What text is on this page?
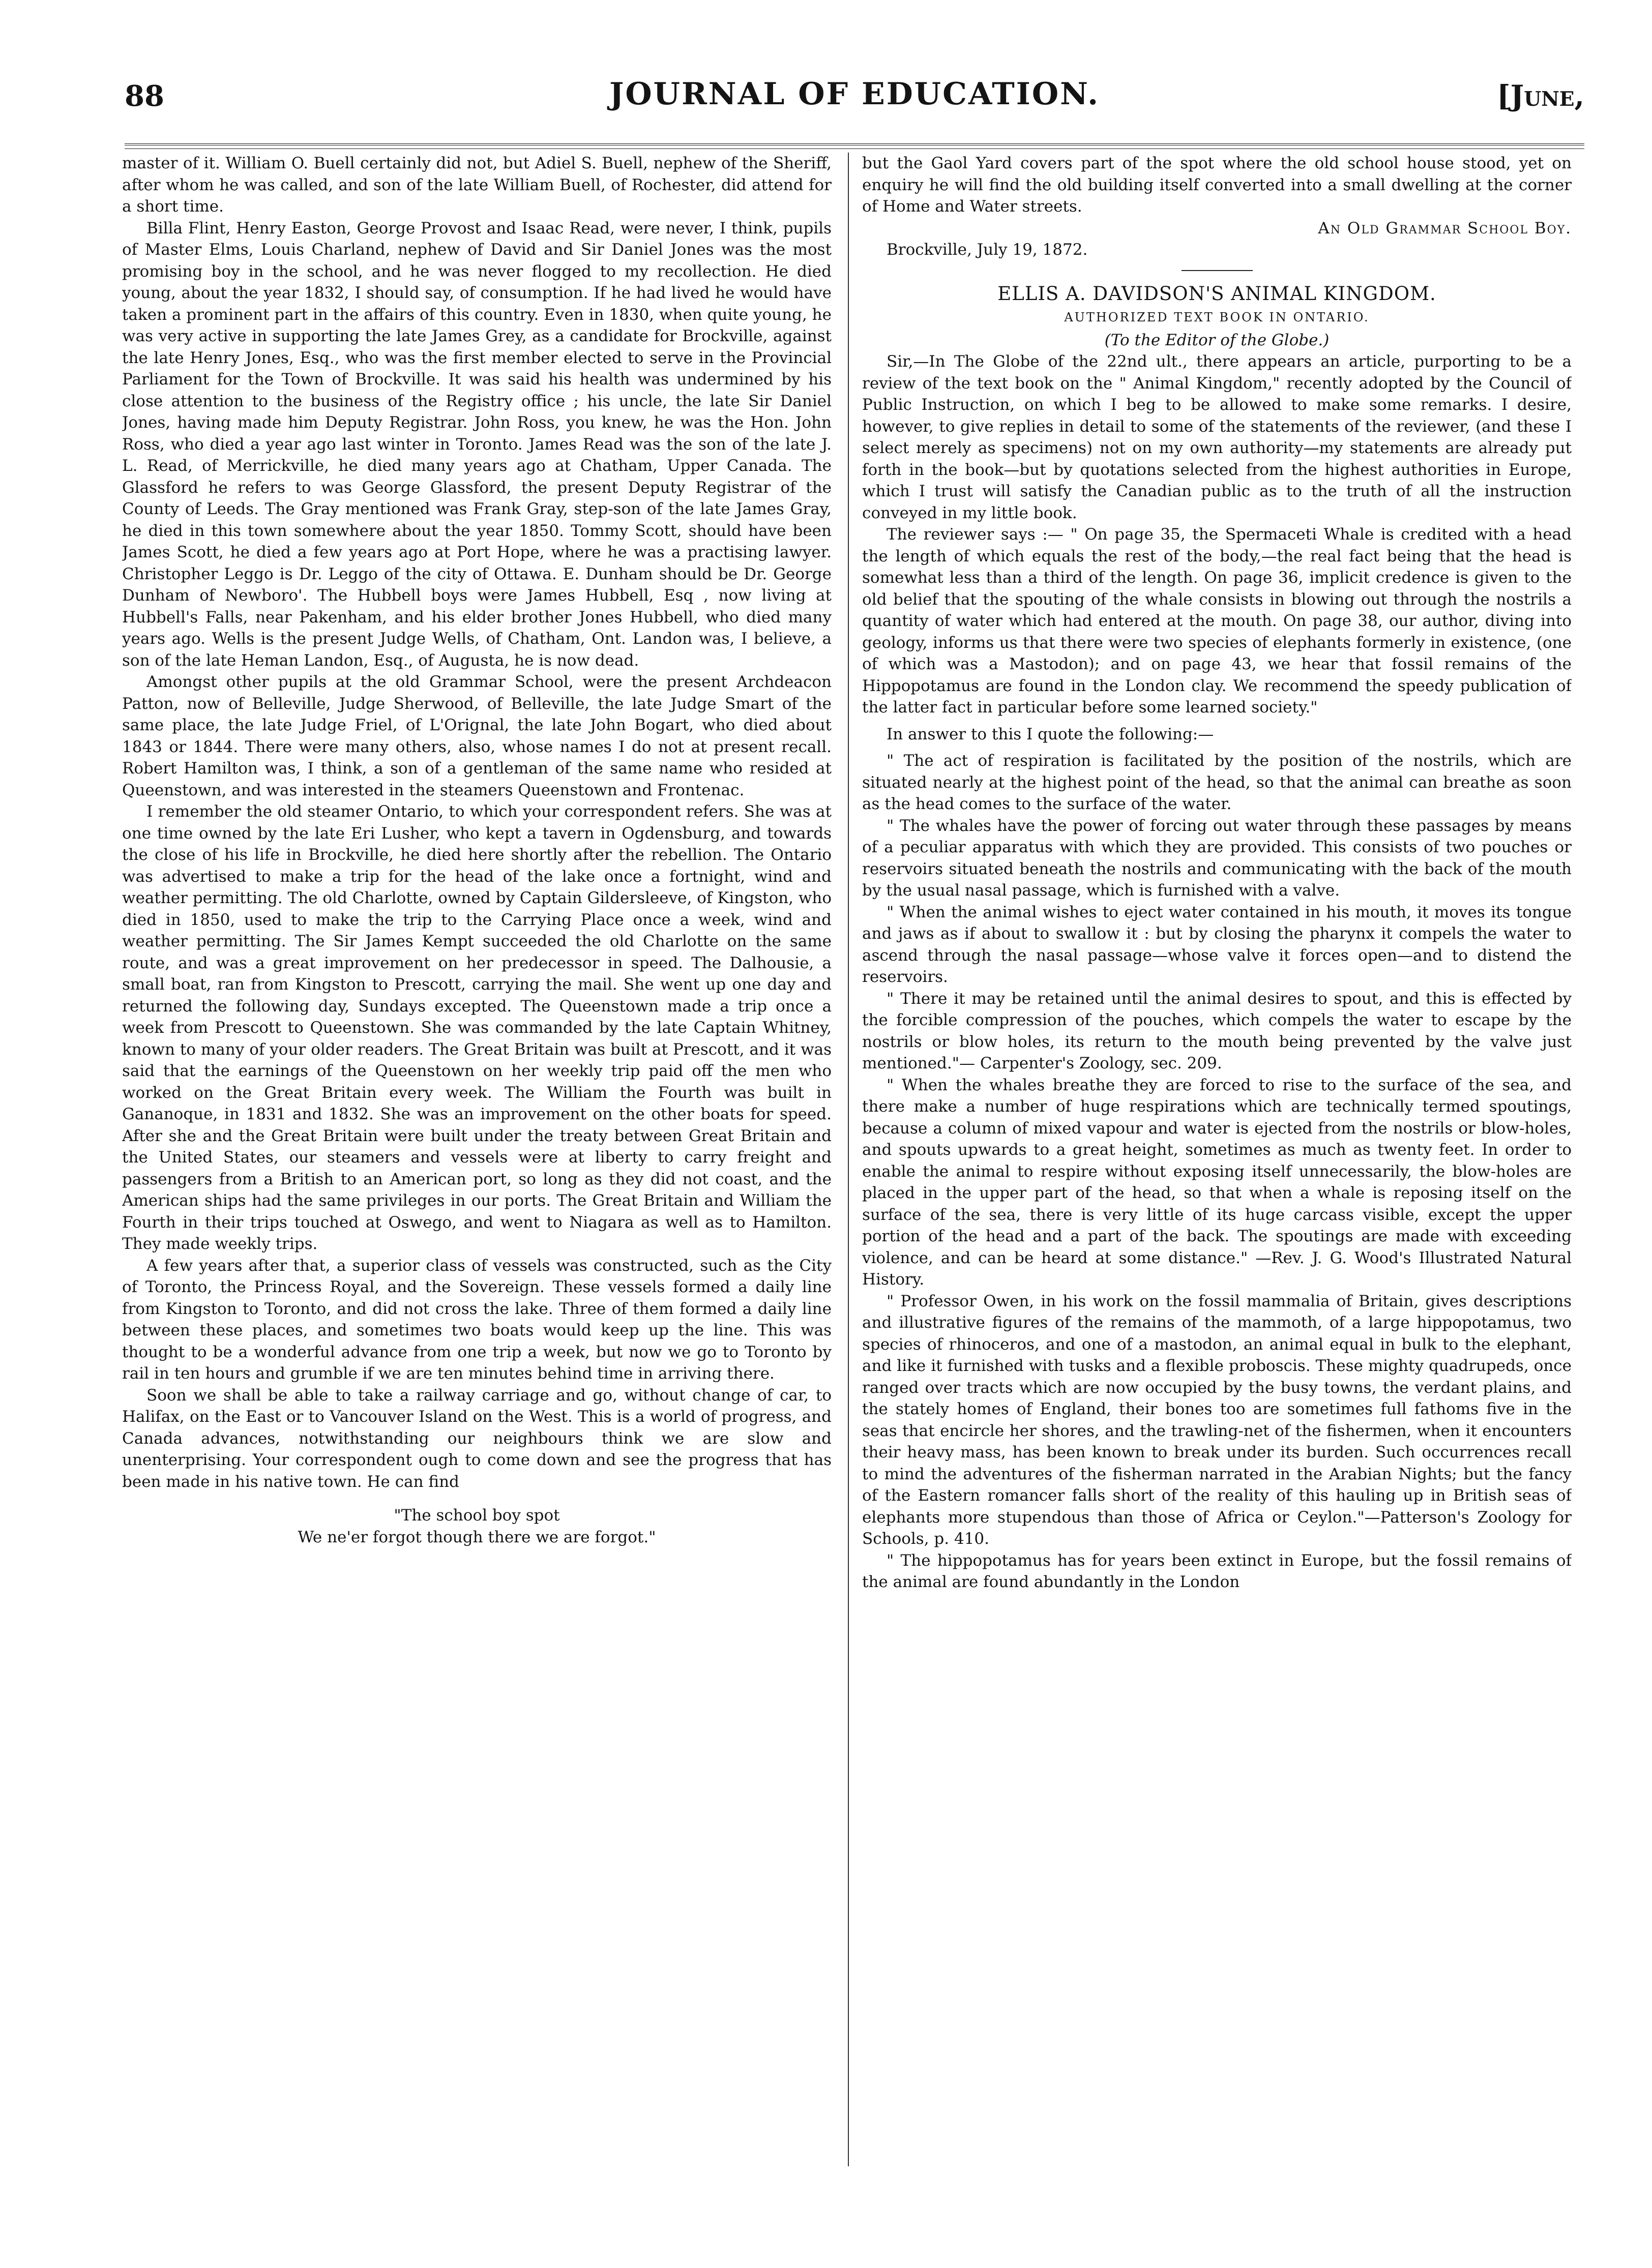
88	JOURNAL OF EDUCATION.	[June,

master of it. William O. Buell certainly did not, but Adiel S. Buell, nephew of the Sheriff, after whom he was called, and son of the late William Buell, of Rochester, did attend for a short time.

Billa Flint, Henry Easton, George Provost and Isaac Read, were never, I think, pupils of Master Elms, Louis Charland, nephew of David and Sir Daniel Jones was the most promising boy in the school, and he was never flogged to my recollection. He died young, about the year 1832, I should say, of consumption. If he had lived he would have taken a prominent part in the affairs of this country. Even in 1830, when quite young, he was very active in supporting the late James Grey, as a candidate for Brockville, against the late Henry Jones, Esq., who was the first member elected to serve in the Provincial Parliament for the Town of Brockville. It was said his health was undermined by his close attention to the business of the Registry office ; his uncle, the late Sir Daniel Jones, having made him Deputy Registrar. John Ross, you knew, he was the Hon. John Ross, who died a year ago last winter in Toronto. James Read was the son of the late J. L. Read, of Merrickville, he died many years ago at Chatham, Upper Canada. The Glassford he refers to was George Glassford, the present Deputy Registrar of the County of Leeds. The Gray mentioned was Frank Gray, step-son of the late James Gray, he died in this town somewhere about the year 1850. Tommy Scott, should have been James Scott, he died a few years ago at Port Hope, where he was a practising lawyer. Christopher Leggo is Dr. Leggo of the city of Ottawa. E. Dunham should be Dr. George Dunham of Newboro'. The Hubbell boys were James Hubbell, Esq , now living at Hubbell's Falls, near Pakenham, and his elder brother Jones Hubbell, who died many years ago. Wells is the present Judge Wells, of Chatham, Ont. Landon was, I believe, a son of the late Heman Landon, Esq., of Augusta, he is now dead.

Amongst other pupils at the old Grammar School, were the present Archdeacon Patton, now of Belleville, Judge Sherwood, of Belleville, the late Judge Smart of the same place, the late Judge Friel, of L'Orignal, the late John Bogart, who died about 1843 or 1844. There were many others, also, whose names I do not at present recall. Robert Hamilton was, I think, a son of a gentleman of the same name who resided at Queenstown, and was interested in the steamers Queenstown and Frontenac.

I remember the old steamer Ontario, to which your correspondent refers. She was at one time owned by the late Eri Lusher, who kept a tavern in Ogdensburg, and towards the close of his life in Brockville, he died here shortly after the rebellion. The Ontario was advertised to make a trip for the head of the lake once a fortnight, wind and weather permitting. The old Charlotte, owned by Captain Gildersleeve, of Kingston, who died in 1850, used to make the trip to the Carrying Place once a week, wind and weather permitting. The Sir James Kempt succeeded the old Charlotte on the same route, and was a great improvement on her predecessor in speed. The Dalhousie, a small boat, ran from Kingston to Prescott, carrying the mail. She went up one day and returned the following day, Sundays excepted. The Queenstown made a trip once a week from Prescott to Queenstown. She was commanded by the late Captain Whitney, known to many of your older readers. The Great Britain was built at Prescott, and it was said that the earnings of the Queenstown on her weekly trip paid off the men who worked on the Great Britain every week. The William the Fourth was built in Gananoque, in 1831 and 1832. She was an improvement on the other boats for speed. After she and the Great Britain were built under the treaty between Great Britain and the United States, our steamers and vessels were at liberty to carry freight and passengers from a British to an American port, so long as they did not coast, and the American ships had the same privileges in our ports. The Great Britain and William the Fourth in their trips touched at Oswego, and went to Niagara as well as to Hamilton. They made weekly trips.

A few years after that, a superior class of vessels was constructed, such as the City of Toronto, the Princess Royal, and the Sovereign. These vessels formed a daily line from Kingston to Toronto, and did not cross the lake. Three of them formed a daily line between these places, and sometimes two boats would keep up the line. This was thought to be a wonderful advance from one trip a week, but now we go to Toronto by rail in ten hours and grumble if we are ten minutes behind time in arriving there.

Soon we shall be able to take a railway carriage and go, without change of car, to Halifax, on the East or to Vancouver Island on the West. This is a world of progress, and Canada advances, notwithstanding our neighbours think we are slow and unenterprising. Your correspondent ough to come down and see the progress that has been made in his native town. He can find

"The school boy spot

We ne'er forgot though there we are forgot."

but the Gaol Yard covers part of the spot where the old school house stood, yet on enquiry he will find the old building itself converted into a small dwelling at the corner of Home and Water streets.

An Old Grammar School Boy.

Brockville, July 19, 1872.

ELLIS A. DAVIDSON'S ANIMAL KINGDOM.

AUTHORIZED TEXT BOOK IN ONTARIO.

(To the Editor of the Globe.)

Sir,—In The Globe of the 22nd ult., there appears an article, purporting to be a review of the text book on the " Animal Kingdom," recently adopted by the Council of Public Instruction, on which I beg to be allowed to make some remarks. I desire, however, to give replies in detail to some of the statements of the reviewer, (and these I select merely as specimens) not on my own authority—my statements are already put forth in the book—but by quotations selected from the highest authorities in Europe, which I trust will satisfy the Canadian public as to the truth of all the instruction conveyed in my little book.

The reviewer says :— " On page 35, the Spermaceti Whale is credited with a head the length of which equals the rest of the body,—the real fact being that the head is somewhat less than a third of the length. On page 36, implicit credence is given to the old belief that the spouting of the whale consists in blowing out through the nostrils a quantity of water which had entered at the mouth. On page 38, our author, diving into geology, informs us that there were two species of elephants formerly in existence, (one of which was a Mastodon); and on page 43, we hear that fossil remains of the Hippopotamus are found in the London clay. We recommend the speedy publication of the latter fact in particular before some learned society."

In answer to this I quote the following:—

" The act of respiration is facilitated by the position of the nostrils, which are situated nearly at the highest point of the head, so that the animal can breathe as soon as the head comes to the surface of the water.

" The whales have the power of forcing out water through these passages by means of a peculiar apparatus with which they are provided. This consists of two pouches or reservoirs situated beneath the nostrils and communicating with the back of the mouth by the usual nasal passage, which is furnished with a valve.

" When the animal wishes to eject water contained in his mouth, it moves its tongue and jaws as if about to swallow it : but by closing the pharynx it compels the water to ascend through the nasal passage—whose valve it forces open—and to distend the reservoirs.

" There it may be retained until the animal desires to spout, and this is effected by the forcible compression of the pouches, which compels the water to escape by the nostrils or blow holes, its return to the mouth being prevented by the valve just mentioned."— Carpenter's Zoology, sec. 209.

" When the whales breathe they are forced to rise to the surface of the sea, and there make a number of huge respirations which are technically termed spoutings, because a column of mixed vapour and water is ejected from the nostrils or blow-holes, and spouts upwards to a great height, sometimes as much as twenty feet. In order to enable the animal to respire without exposing itself unnecessarily, the blow-holes are placed in the upper part of the head, so that when a whale is reposing itself on the surface of the sea, there is very little of its huge carcass visible, except the upper portion of the head and a part of the back. The spoutings are made with exceeding violence, and can be heard at some distance." —Rev. J. G. Wood's Illustrated Natural History.

" Professor Owen, in his work on the fossil mammalia of Britain, gives descriptions and illustrative figures of the remains of the mammoth, of a large hippopotamus, two species of rhinoceros, and one of a mastodon, an animal equal in bulk to the elephant, and like it furnished with tusks and a flexible proboscis. These mighty quadrupeds, once ranged over tracts which are now occupied by the busy towns, the verdant plains, and the stately homes of England, their bones too are sometimes full fathoms five in the seas that encircle her shores, and the trawling-net of the fishermen, when it encounters their heavy mass, has been known to break under its burden. Such occurrences recall to mind the adventures of the fisherman narrated in the Arabian Nights; but the fancy of the Eastern romancer falls short of the reality of this hauling up in British seas of elephants more stupendous than those of Africa or Ceylon."—Patterson's Zoology for Schools, p. 410.

" The hippopotamus has for years been extinct in Europe, but the fossil remains of the animal are found abundantly in the London
